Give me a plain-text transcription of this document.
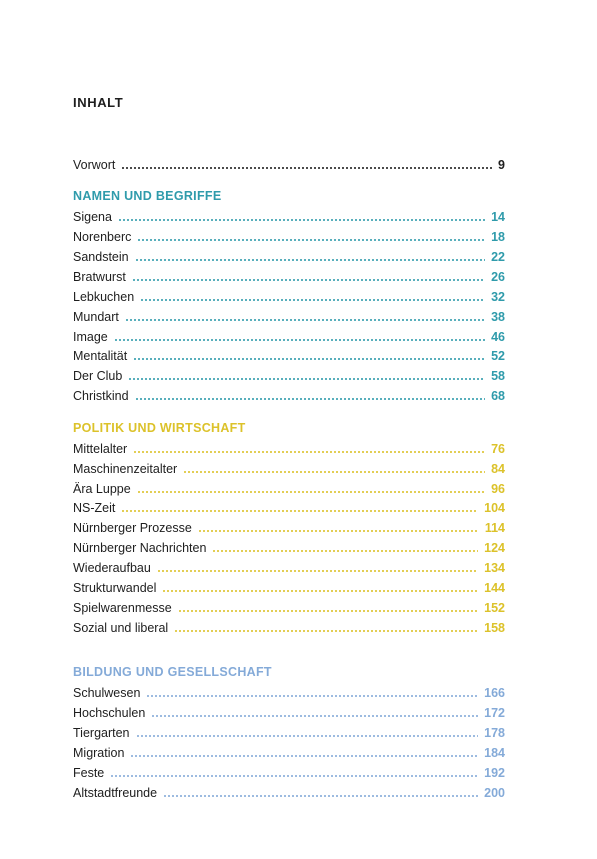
INHALT
Vorwort	9
NAMEN UND BEGRIFFE
Sigena	14
Norenberc	18
Sandstein	22
Bratwurst	26
Lebkuchen	32
Mundart	38
Image	46
Mentalität	52
Der Club	58
Christkind	68
POLITIK UND WIRTSCHAFT
Mittelalter	76
Maschinenzeitalter	84
Ära Luppe	96
NS-Zeit	104
Nürnberger Prozesse	114
Nürnberger Nachrichten	124
Wiederaufbau	134
Strukturwandel	144
Spielwarenmesse	152
Sozial und liberal	158
BILDUNG UND GESELLSCHAFT
Schulwesen	166
Hochschulen	172
Tiergarten	178
Migration	184
Feste	192
Altstadtfreunde	200
